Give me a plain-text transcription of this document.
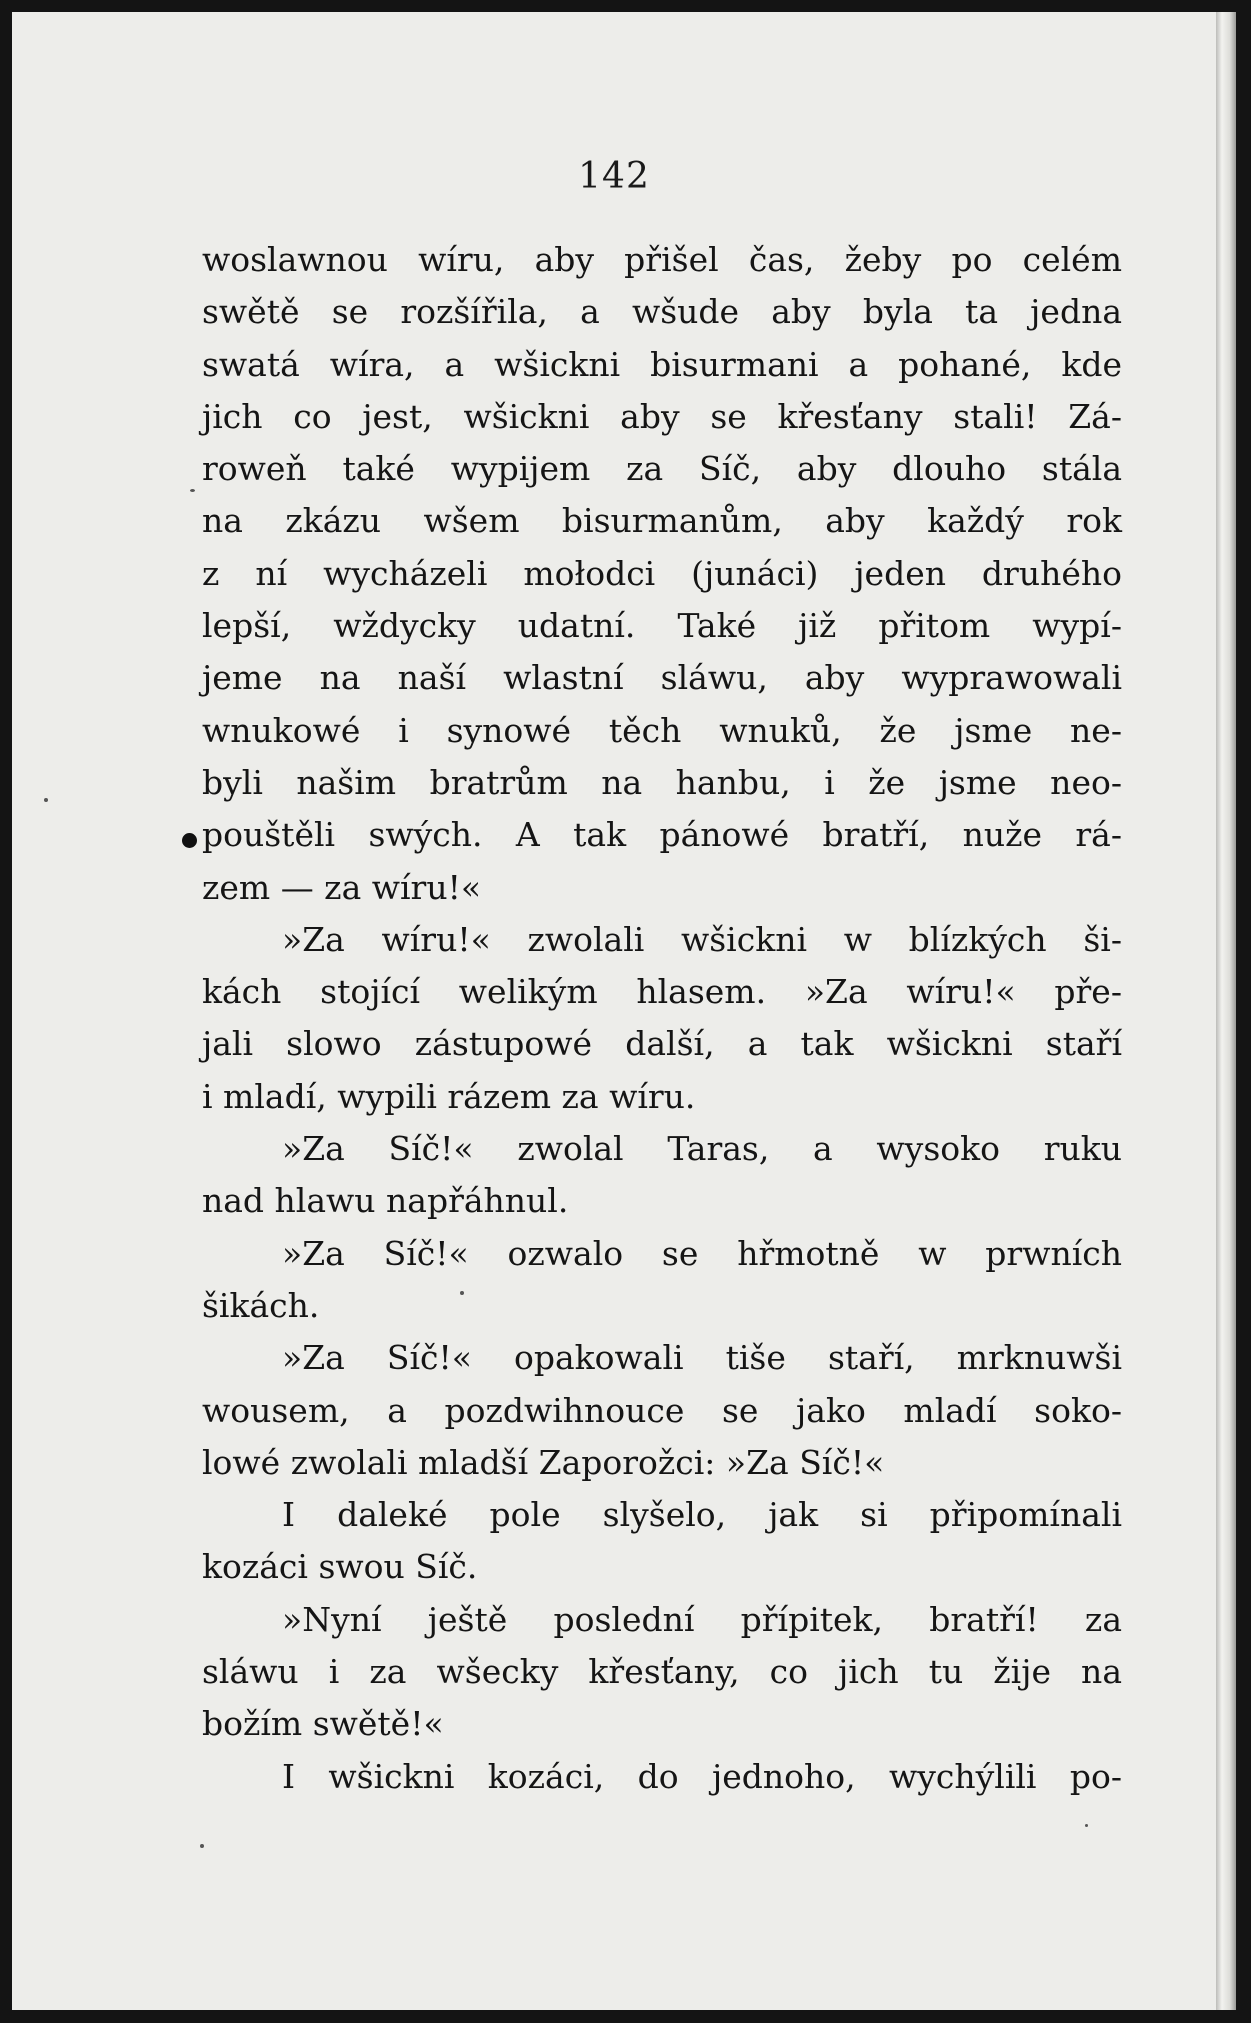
142
woslawnou wíru, aby přišel čas, žeby po celém
swětě se rozšířila, a wšude aby byla ta jedna
swatá wíra, a wšickni bisurmani a pohané, kde
jich co jest, wšickni aby se křesťany stali! Zá-
roweň také wypijem za Síč, aby dlouho stála
na zkázu wšem bisurmanům, aby každý rok
z ní wycházeli mołodci (junáci) jeden druhého
lepší, wždycky udatní. Také již přitom wypí-
jeme na naší wlastní sláwu, aby wyprawowali
wnukowé i synowé těch wnuků, že jsme ne-
byli našim bratrům na hanbu, i že jsme neo-
pouštěli swých. A tak pánowé bratří, nuže rá-
zem — za wíru!«
»Za wíru!« zwolali wšickni w blízkých ši-
kách stojící welikým hlasem. »Za wíru!« pře-
jali slowo zástupowé další, a tak wšickni staří
i mladí, wypili rázem za wíru.
»Za Síč!« zwolal Taras, a wysoko ruku
nad hlawu napřáhnul.
»Za Síč!« ozwalo se hřmotně w prwních
šikách.
»Za Síč!« opakowali tiše staří, mrknuwši
wousem, a pozdwihnouce se jako mladí soko-
lowé zwolali mladší Zaporožci: »Za Síč!«
I daleké pole slyšelo, jak si připomínali
kozáci swou Síč.
»Nyní ještě poslední přípitek, bratří! za
sláwu i za wšecky křesťany, co jich tu žije na
božím swětě!«
I wšickni kozáci, do jednoho, wychýlili po-
